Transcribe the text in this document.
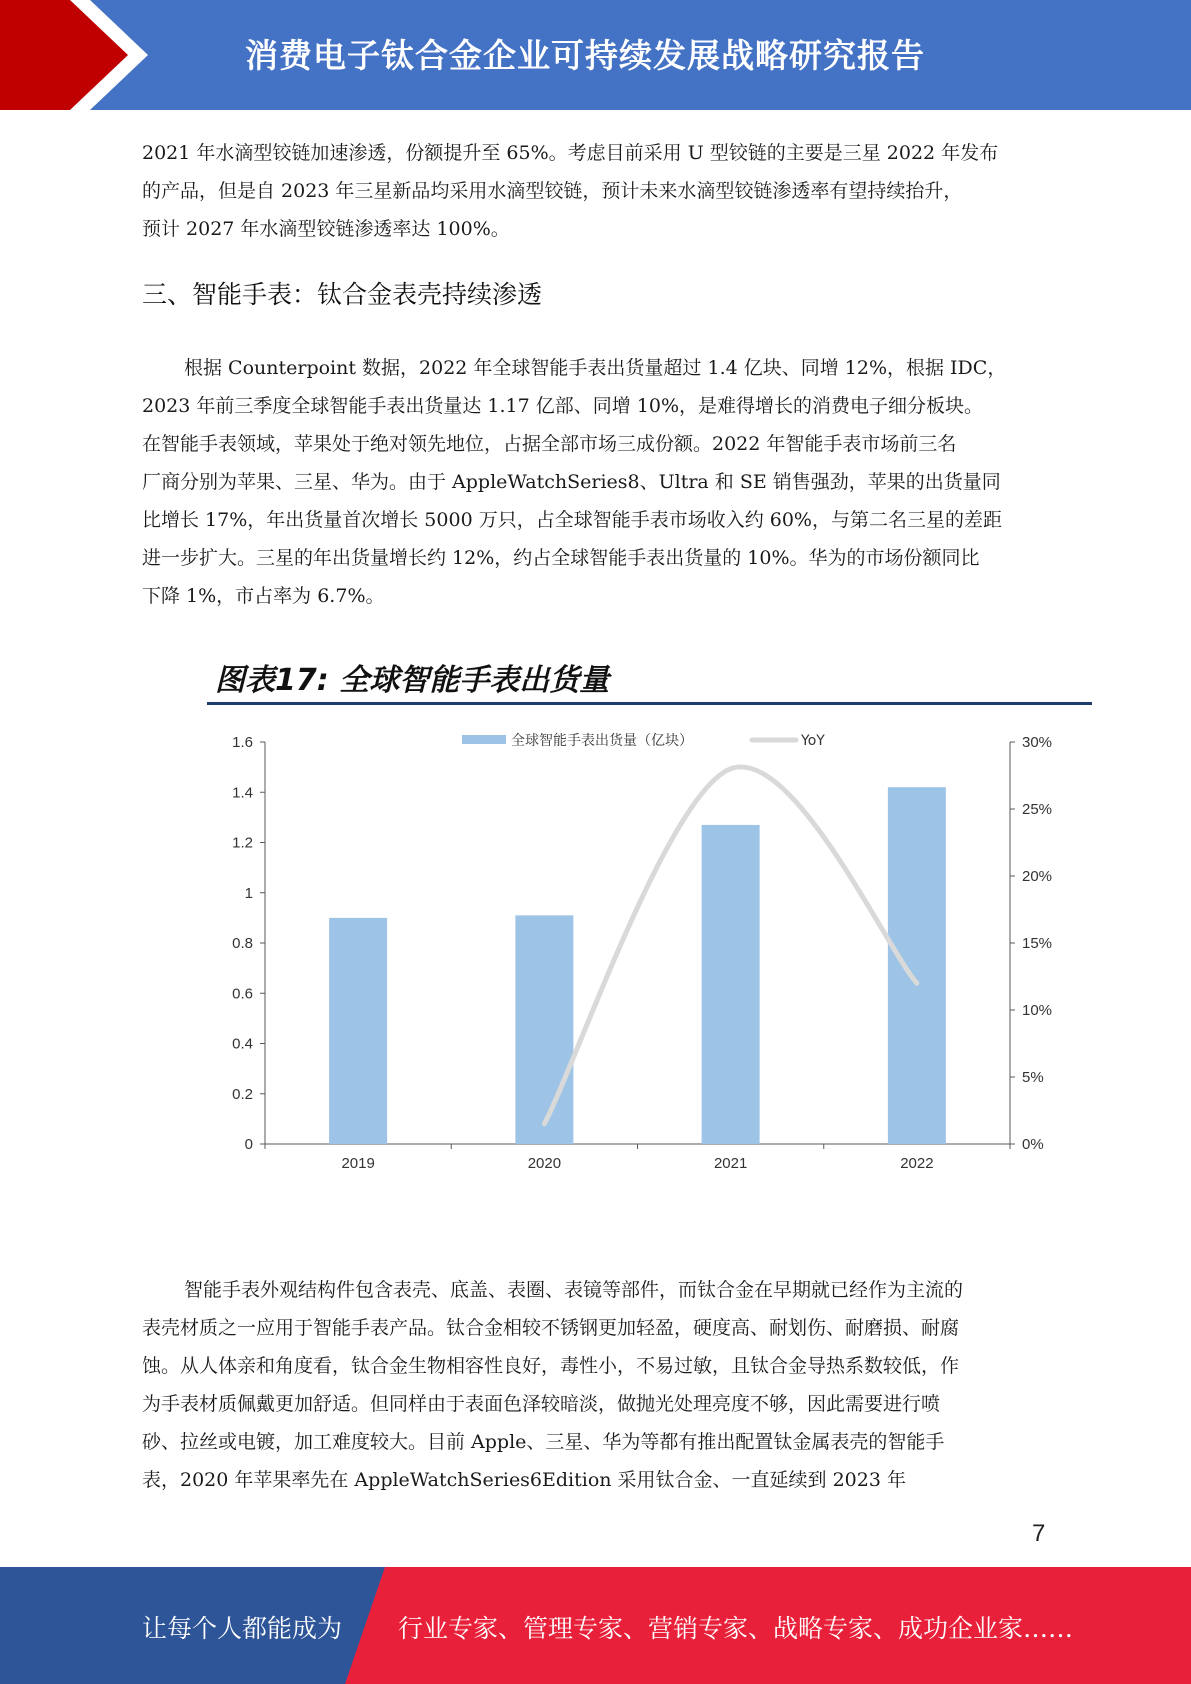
消费电子钛合金企业可持续发展战略研究报告

2021 年水滴型铰链加速渗透，份额提升至 65%。考虑目前采用 U 型铰链的主要是三星 2022 年发布

的产品，但是自 2023 年三星新品均采用水滴型铰链，预计未来水滴型铰链渗透率有望持续抬升，

预计 2027 年水滴型铰链渗透率达 100%。

三、智能手表：钛合金表壳持续渗透

根据 Counterpoint 数据，2022 年全球智能手表出货量超过 1.4 亿块、同增 12%，根据 IDC，

2023 年前三季度全球智能手表出货量达 1.17 亿部、同增 10%，是难得增长的消费电子细分板块。

在智能手表领域，苹果处于绝对领先地位，占据全部市场三成份额。2022 年智能手表市场前三名

厂商分别为苹果、三星、华为。由于 AppleWatchSeries8、Ultra 和 SE 销售强劲，苹果的出货量同

比增长 17%，年出货量首次增长 5000 万只，占全球智能手表市场收入约 60%，与第二名三星的差距

进一步扩大。三星的年出货量增长约 12%，约占全球智能手表出货量的 10%。华为的市场份额同比

下降 1%，市占率为 6.7%。

图表17: 全球智能手表出货量
0
0.2
0.4
0.6
0.8
1
1.2
1.4
1.6
0%
5%
10%
15%
20%
25%
30%
2019	2020	2021	2022
全球智能手表出货量（亿块）	YoY

智能手表外观结构件包含表壳、底盖、表圈、表镜等部件，而钛合金在早期就已经作为主流的

表壳材质之一应用于智能手表产品。钛合金相较不锈钢更加轻盈，硬度高、耐划伤、耐磨损、耐腐

蚀。从人体亲和角度看，钛合金生物相容性良好，毒性小，不易过敏，且钛合金导热系数较低，作

为手表材质佩戴更加舒适。但同样由于表面色泽较暗淡，做抛光处理亮度不够，因此需要进行喷

砂、拉丝或电镀，加工难度较大。目前 Apple、三星、华为等都有推出配置钛金属表壳的智能手

表，2020 年苹果率先在 AppleWatchSeries6Edition 采用钛合金、一直延续到 2023 年

7
让每个人都能成为 行业专家、管理专家、营销专家、战略专家、成功企业家……
